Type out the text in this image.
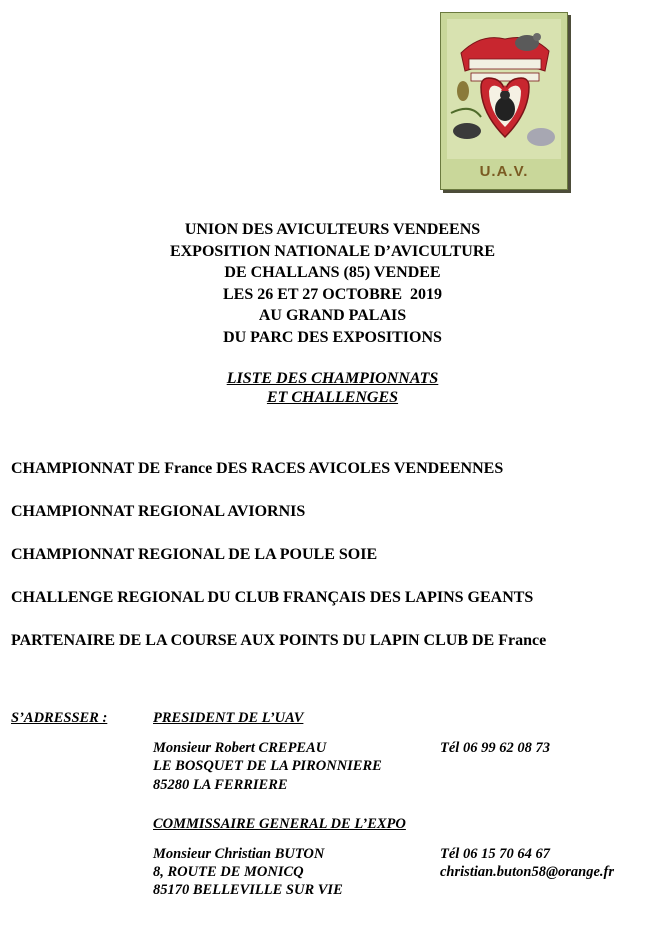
U.A.V.
UNION DES AVICULTEURS VENDEENS
EXPOSITION NATIONALE D’AVICULTURE
DE CHALLANS (85) VENDEE
LES 26 ET 27 OCTOBRE  2019
AU GRAND PALAIS
DU PARC DES EXPOSITIONS
LISTE DES CHAMPIONNATS
ET CHALLENGES
CHAMPIONNAT DE France DES RACES AVICOLES VENDEENNES
CHAMPIONNAT REGIONAL AVIORNIS
CHAMPIONNAT REGIONAL DE LA POULE SOIE
CHALLENGE REGIONAL DU CLUB FRANÇAIS DES LAPINS GEANTS
PARTENAIRE DE LA COURSE AUX POINTS DU LAPIN CLUB DE France
S’ADRESSER :	PRESIDENT DE L’UAV
Monsieur Robert CREPEAU
LE BOSQUET DE LA PIRONNIERE
85280 LA FERRIERE
Tél 06 99 62 08 73
COMMISSAIRE GENERAL DE L’EXPO
Monsieur Christian BUTON
8, ROUTE DE MONICQ
85170 BELLEVILLE SUR VIE
Tél 06 15 70 64 67
christian.buton58@orange.fr
